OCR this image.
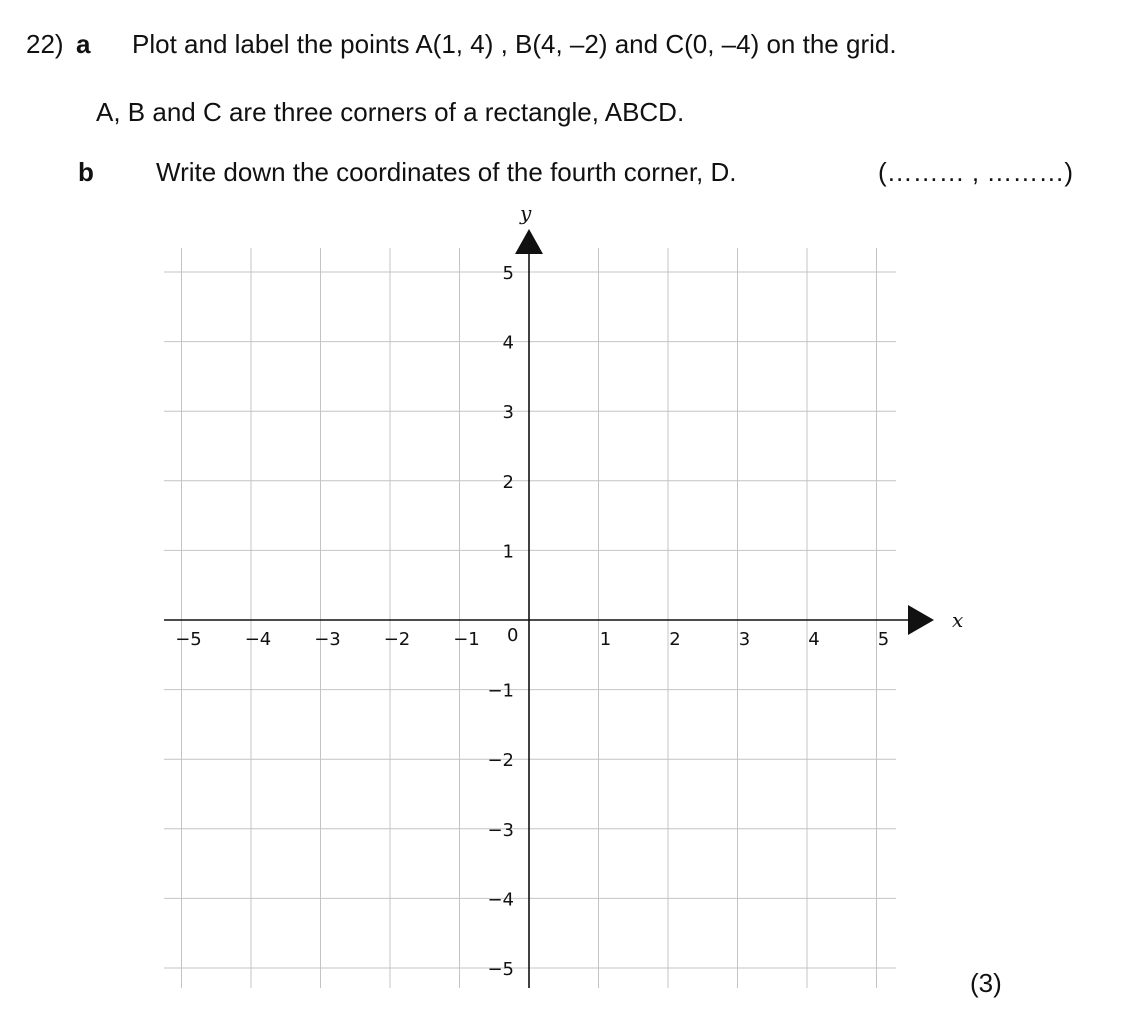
22) a Plot and label the points A(1, 4) , B(4, –2) and C(0, –4) on the grid.
A, B and C are three corners of a rectangle, ABCD.
b Write down the coordinates of the fourth corner, D.	(……… , ………)
(3)
x
y
0
−5 −4 −3 −2 −1	1	2	3	4	5
5
4
3
2
1
−1
−2
−3
−4
−5
